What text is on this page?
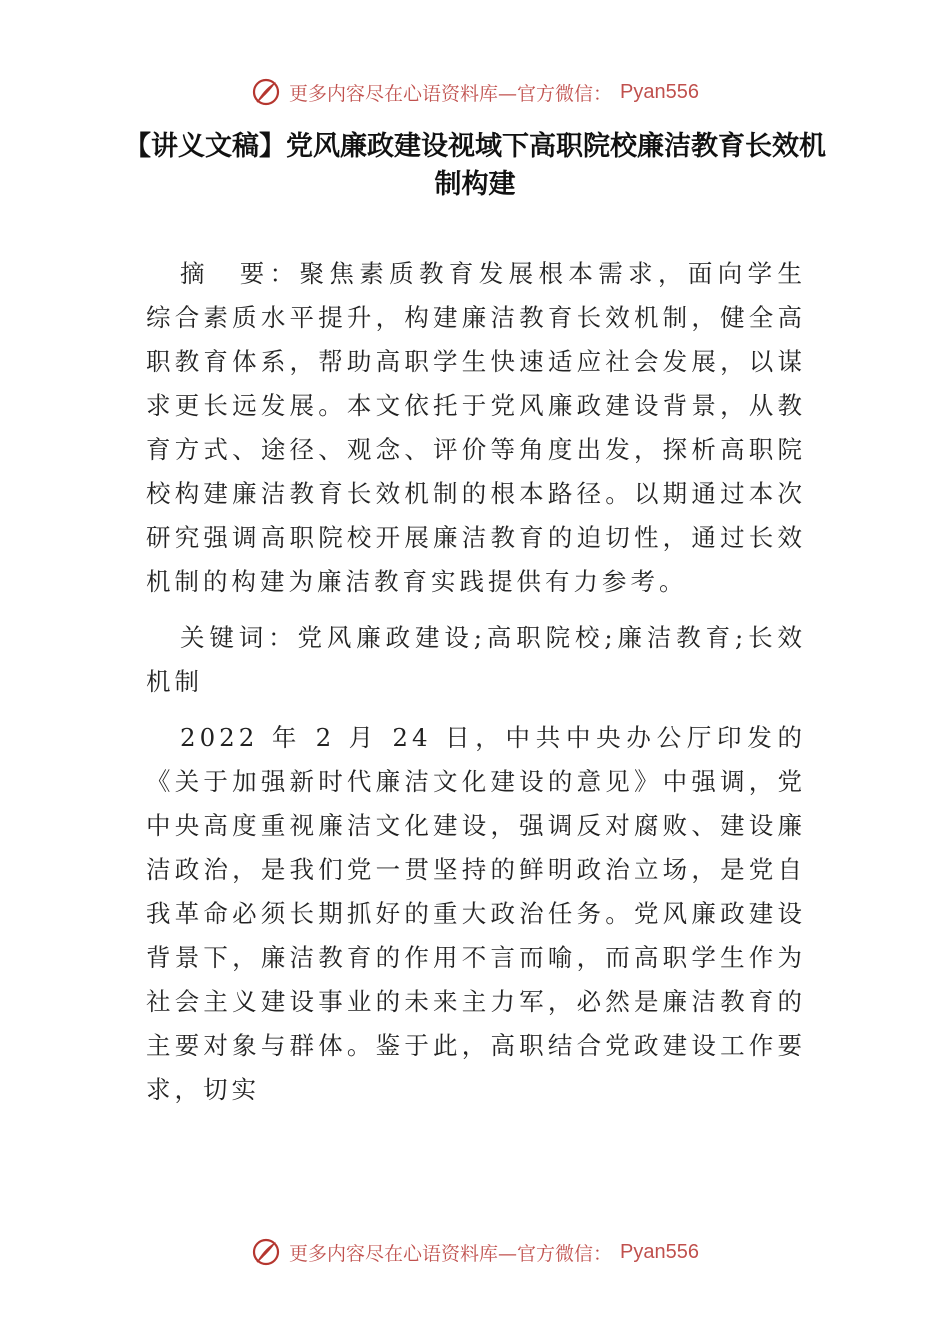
更多内容尽在心语资料库—官方微信： Pyan556
【讲义文稿】党风廉政建设视域下高职院校廉洁教育长效机制构建

摘　要：聚焦素质教育发展根本需求，面向学生综合素质水平提升，构建廉洁教育长效机制，健全高职教育体系，帮助高职学生快速适应社会发展，以谋求更长远发展。本文依托于党风廉政建设背景，从教育方式、途径、观念、评价等角度出发，探析高职院校构建廉洁教育长效机制的根本路径。以期通过本次研究强调高职院校开展廉洁教育的迫切性，通过长效机制的构建为廉洁教育实践提供有力参考。

关键词：党风廉政建设;高职院校;廉洁教育;长效机制

2022 年 2 月 24 日，中共中央办公厅印发的《关于加强新时代廉洁文化建设的意见》中强调，党中央高度重视廉洁文化建设，强调反对腐败、建设廉洁政治，是我们党一贯坚持的鲜明政治立场，是党自我革命必须长期抓好的重大政治任务。党风廉政建设背景下，廉洁教育的作用不言而喻，而高职学生作为社会主义建设事业的未来主力军，必然是廉洁教育的主要对象与群体。鉴于此，高职结合党政建设工作要求，切实

更多内容尽在心语资料库—官方微信： Pyan556
